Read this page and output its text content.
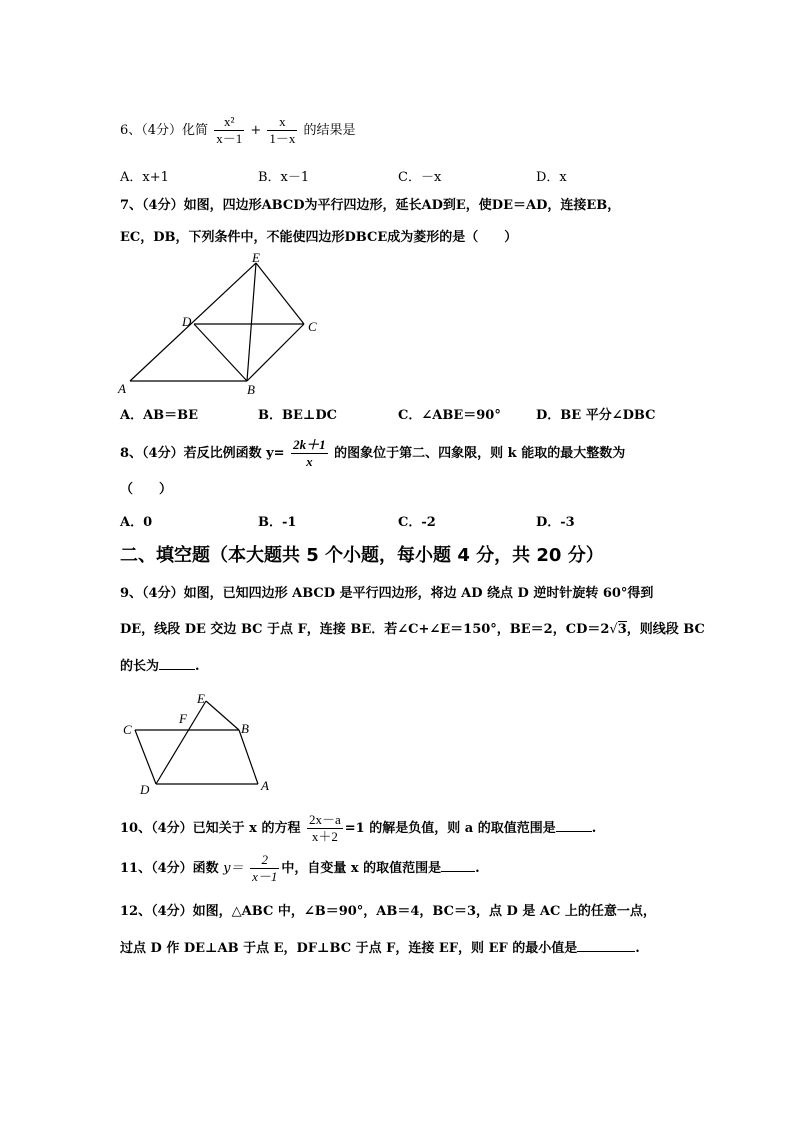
6、（4分）化简 $\frac{\text{x²}}{x-1} + \frac{x}{1-x}$ 的结果是
A．x+1	B．x－1	C．－x	D．x
7、（4分）如图，四边形ABCD为平行四边形，延长AD到E，使DE＝AD，连接EB，
EC，DB，下列条件中，不能使四边形DBCE成为菱形的是（　　）
E
D	C
A	B
A．AB＝BE	B．BE⊥DC	C．∠ABE＝90°	D．BE 平分∠DBC
8、（4分）若反比例函数 $y= \frac{2k+1}{x}$ 的图象位于第二、四象限，则 k 能取的最大整数为
（　　）
A．0	B．-1	C．-2	D．-3
二、填空题（本大题共 5 个小题，每小题 4 分，共 20 分）
9、（4分）如图，已知四边形 ABCD 是平行四边形，将边 AD 绕点 D 逆时针旋转 60°得到
DE，线段 DE 交边 BC 于点 F，连接 BE．若∠C+∠E＝150°，BE＝2，CD＝2√3，则线段 BC
的长为	.
E
F
C	B
D	A
10、（4分）已知关于 x 的方程 $\frac{2x-a}{x+2} =1$ 的解是负值，则 a 的取值范围是	.
11、（4分）函数 $y= \frac{2}{x-1}$ 中，自变量 x 的取值范围是	.
12、（4分）如图，△ABC 中，∠B＝90°，AB＝4，BC＝3，点 D 是 AC 上的任意一点，
过点 D 作 DE⊥AB 于点 E，DF⊥BC 于点 F，连接 EF，则 EF 的最小值是	.
